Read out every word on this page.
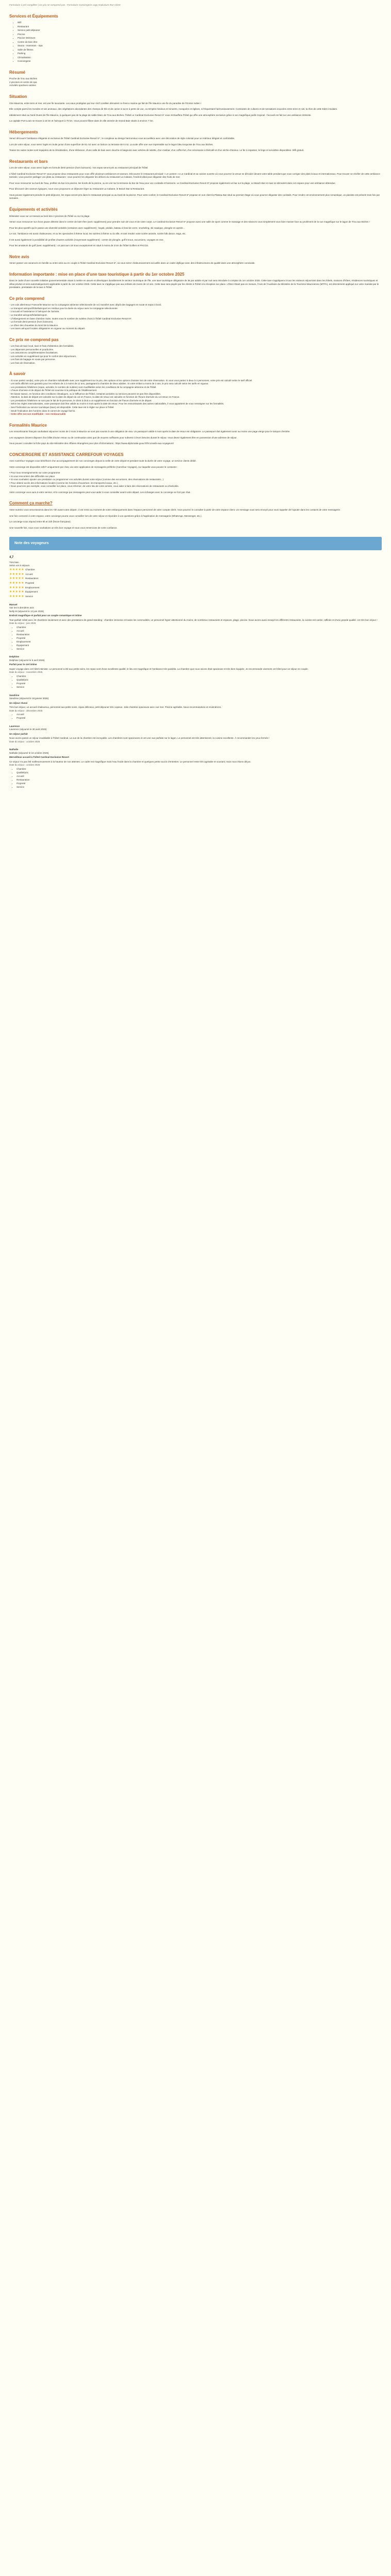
Formulaire à pré-compléter | Ce prix ne comprend pas : Formulaire Conciergerie Logo Impluvium Run Client
Services et Équipements
• Wifi
• Restaurant
• Service petit déjeuner
• Piscine
• Piscine intérieure
• Centre de bien être
• Sauna - Hammam - Spa
• Salle de fitness
• Parking
• Climatisation
• Conciergerie
Résumé
Proche de Trou aux Biches
2 piscines et centre de spa
Activités sportives variées
Situation

Cite Mauricia, entre terre et mer, est une île luxuriante. Les eaux protégées par leur récif corallien déroulent ce fresco marine qui fait de l'île Maurice une île du paradise de l'Océan Indien !

Elle compte parmi les mondes et ses animaux, des végétations abondantes des champs de thé et de canne à sucre à perte de vue, ou temples hindous et minarets, mosquées et églises, si fréquentant harmonieusement. Contrastes de cultures et de sensations inoucées entre terre et ciel, la rêve de cette Eden insulaire.

Idéalement situé au Nord-Ouest de l'île Maurice, à quelques pas de la plage de sable blanc de Trou-aux-Biches, l'hôtel Le Cardinal Exclusive Resort 5* vous réchauffera l'hôtel qui offre une atmosphère exclusive grâce à son magnifique jardin tropical - l'accueil est fait sur une ambiance intimiste.

La capitale Port-Louis se trouve à 15 km et l'aéroport à 70 km. Vous pouvez flâner dans le ville animée de Grand Baie située à environ 7 km.

Hébergements

Venez découvrir l'ambiance élégante et exclusive de l'hôtel Cardinal Exclusive Resort 5* ; le complexe au design harmonieux vous accueillera avec une décoration de style colonial pour un intérieur élégant et confortable.

Lors de votre séjour, vous serez logés en Suite junior d'une superficie de 51 m2 avec un balcon ou terrasse de 6 m2. La suite offre une vue imprenable sur le lagon bleu turquoise de Trou aux Biches.

Toutes les suites toutes sont équipées de la climatisation, d'une télévision, d'une salle de bain avec douche et baignoire avec articles de toilette, d'un minibar, d'un coffre-fort, d'un nécessaire à thé/café et d'un sèche-cheveux. Le fer à repasser, le linge et serviettes disponibles. Wifi gratuit.

Restaurants et bars

Lors de votre séjour, vous serez logés en formule demi-pension (hors boissons). Vos repas seront pris au restaurant principal de l'hôtel.

L'hôtel Cardinal Exclusive Resort 5* vous propose deux restaurants pour vous offrir plusieurs ambiances et saveurs. Découvrez le restaurant principal « Le Lantern »o Le Cardinal et sa cuisine ouverte où vous pourrez la venue se dérouler devant votre table pendant que vous corrigez des plats locaux et internationaux. Pour trouver se révéler de cette ambiance tamisée, vous pourrez partager vos plats au restaurant ; vous pourrez les déguster les délices du restaurant La Cabane, l'endroit idéal pour déguster des fruits de mer.

Pour vous ressourcer au bord de l'eau, profitez du bar à la piscine, les bords de la piscine, ou en voir sur la terrasse du bar de l'eau pour vos cocktails et boissons. Le Cardinal Exclusive Resort 5* propose également un bar sur la plage, Le Beach Bar et mais se déroulent dans cet espace pour une ambiance détendue.

Pour découvrir des saveurs typiques, nous vous proposons un déjeuner léger au restaurant La Cabane, le Beach Bar & Restaurant.

Vous pouvez également prendre le petit-déjeuner, les repas seront pris dans le restaurant principal ou au bord de la piscine. Pour votre confort, le Cardinal Exclusive Resort 5* propose en son client la Plateau Bar situé au premier étage où vous pourrez déguster des cocktails. Pour rendre cet environnement plus romantique, un pianiste est présent trois fois par semaine.

Équipements et activités

Détendez-vous sur un transat au bord des 2 piscines de l'hôtel ou sur la plage.

Venez vous ressourcer sur d'une pause détente dans le centre de bien-être (avec supplément) pour prendre soin de vous et de votre corps. Le Cardinal Exclusive Resort 5* propose aussi une salle de sport comme le massage et des séances vous simplement vous faire masser face au prolément de la vue magnifique sur le lagon de Trou aux Biches !

Pour les plus sportifs qui le passe une diversité activités (certaines avec supplément) : kayak, pédalo, bateau à fond de verre, snorkeling, ski nautique, plongée en apnée...

Le soir, l'ambiance est aussi chaleureuse, et ou les spectacles à thème local, les soirées à thème ou la ville, et tant rendez votre soirée animée, soirée folk dance, sega, etc.

Il est aussi également à possibilité de profiter d'autres activités (moyennant supplément) : centre de plongée, golf 8 trous, excursions, voyages en mer.

Pour les amateurs de golf (avec supplément) : un parcours 18 trous exceptionnel en situé à moins de 3 km de l'hôtel Golfers et PACGS.

Notre avis

Venez passer vos vacances en famille ou entre amis au en couple à l'hôtel Cardinal Exclusive Resort 5*, où vous serez chaleureusement accueillis dans un cadre idyllique avec des infrastructures de qualité dans une atmosphère conviviale.

Information importante : mise en place d'une taxe touristique à partir du 1er octobre 2025

Dans le cadre d'une nouvelle initiative gouvernementale visant à mettre en œuvre et développer durablement le secteur touristique de l'île, une taxe touristique obligatoire de 3€ par adulte et par nuit sera introduite à compter du 1er octobre 2025. Cette taxe s'appliquera à tous les visiteurs séjournant dans les hôtels, maisons d'hôtes, résidences touristiques et villas privées et sera automatiquement applicable à partir du 1er octobre 2025. Cette taxe ne s'applique pas aux enfants de moins de 12 ans. Cette taxe sera payée par les clients à l'hôtel à la réception sur place. L'État n'étant pas en mesure, l'Avis de l'Auxiliaire du Ministère de la Tourisme Mauricienne (MTPA), est directement appliqué sur votre mandat par le prestataire, prestataire de la taxe à l'hôtel.

Ce prix comprend
- Les vols aller/retour France/Ile Maurice sur la compagnie aérienne sélectionnée de vol, transfert avec dépôt des bagages en soute et repas à bord.
- Le transport aéroport/hôtel/aéroport en minibus pour la durée du séjour avec la compagnie sélectionnée.
- L'accueil et l'assistance à l'aéroport de l'arrivée.
- Le transfert aéroport/hôtel/aéroport.
- L'hébergement en base chambre Suite, toutes vous le nombre de nuitées choisi à l'hôtel Cardinal Exclusive Resort 5*.
- La formule demi-pension (hors boissons).
- Le dîner des chouettes du Nord de la Maurice.
- Les taxes aéroport locales obligatoires en vigueur au moment du départ.
Ce prix ne comprend pas
- Les frais de taxe local, taxe et frais d'obtention des formalités.
- Les dépenses personnelles et pourboires.
- Les assurances complémentaires facultatives.
- Les activités en supplément qui pour le confort des séjourneurs.
- Les frais de bagage en soute par personne.
- Les frais de réservation.
À savoir
- Si vous partez seul(e), votre prix en chambre individuelle avec une supplément sur le prix, des options et les options choisies lors de votre réservation. Si vous vous partez à deux à 4 personnes, votre pris est calculé selon le tarif officiel.
- Les tarifs affichés sont garantis pour les enfants de 2 à moins de 12 ans, partageant la chambre de deux adultes. Si votre enfant a moins de 2 ans, le prix sera calculé selon les tarifs en vigueur.
- Les prestations hôtelières (repas, activités, le nombre de nuitées) sont modifiables selon les conditions de la compagnie aérienne et de l'hôtel.
- L'heure d'arrivée et de départ de l'hôtel est soumise à la politique de l'établissement.
- En basse saison, en fonction des conditions climatiques, ou à l'affluence de l'hôtel, certaines activités ou services peuvent ne pas être disponibles.
- Attention, la date de départ est calculée sur la date de départ du vol en France, la date de retour est calculée en fonction de l'heure d'arrivée du vol retour en France.
- Les prestations hôtelières ne sont pas le fait de la personne, le client à droit a un supplément en fonction de l'heure d'arrivée et de départ.
- Selon les règles internationales, votre passeport doit être valide au moins 6 mois après la date de retour. Pour les ressortissants des autres nationalités, il vous appartient de vous renseigner sur les formalités.
- Seul l'indication au service touristique (taxe) est disponible. Cette taxe est à régler sur place à l'hôtel.
- Seule l'indication des horaires dans le carnet de voyage fait foi.

- Cette offre est non modifiable - non remboursable

Formalités Maurice

Les ressortissants français souhaitant séjourner moins de 3 mois à Maurice ne sont pas soumis à une obligation de visa. Un passeport valide 6 mois après la date de retour est obligatoire. Le passeport doit également avoir au moins une page vierge pour le tampon d'entrée.

Les voyageurs doivent disposer d'un billet d'avion retour ou de continuation ainsi que de moyens suffisants pour subvenir à leurs besoins durant le séjour. Vous devez également être en possession d'une adresse de séjour.

Vous pouvez consulter la fiche pays du site Ministère des Affaires étrangères pour plus d'informations : https://www.diplomatie.gouv.fr/fr/conseils-aux-voyageurs/

CONCIERGERIE ET ASSISTANCE CARREFOUR VOYAGES

Avec Carrefour Voyages vous bénéficiez d'un accompagnement de nos concierges depuis la veille de votre départ et pendant toute la durée de votre voyage, un service clients dédié.

Votre concierge est disponible 24h/7 uniquement par chat, via votre application de messagerie préférée (Carrefour Voyages), sur laquelle vous pouvez le contacter :

• Pour tous renseignements sur votre programme
• Si vous rencontrez des difficultés sur place
• Si vous souhaitez ajouter une prestation ou programmer vos activités durant votre séjour (comme des excursions, des réservations de restaurants...)
• Pour obtenir accès des informations locales (comme les horaires d'ouverture, les transports locaux, etc.)

• Nous pourrons par exemple, vous conseiller sur place, vous informer, de votre lieu de votre arrivée, vous aider à faire des réservations de restaurants ou d'activités.

Votre concierge vous aura à votre service, et le concierge par messagerie peut vous aider à vous conseiller avant votre départ. Les échanges avec le concierge se font par chat.

Comment ça marche?

Votre numéro vous sera transmis dans les 72h avant votre départ ; il est remis au moment de votre embarquement dans l'espace personnel de votre compte client. Vous pourrez le consulter à partir de votre espace client. Un message vous sera envoyé pour vous rappeler de l'ajouter dans les contacts de votre messagerie.

Une fois connecté à votre espace, votre concierge pourra vous conseiller lors de votre séjour et répondre à vos questions grâce à l'application de messagerie (WhatsApp, Messenger, etc.).

Le concierge vous répond entre 8h et 22h (heure française).

Une nouvelle fois, nous vous souhaitons un très bon voyage et nous vous remercions de votre confiance.

Note des voyageurs
4,7
Très bien
Selon vos 5 séjours
★★★★★ Chambre
★★★★★ Accueil
★★★★★ Restauration
★★★★★ Propreté
★★★★★ Emplacement
★★★★★ Équipement
★★★★★ Service
Manuel
Voir les 5 dernières avis
Nelly M (séjourné le 12 juin 2026)
Endroit magnifique et parfait pour un couple romantique et intime
Tout parfait! Hôtel avec 33 chambres seulement et avec des prestations de grand standing : chambre immense et toutes les commodités, un personnel hyper attentionné du moins, de nombreux restaurants et espaces, plage, piscine. Nous avons aussi essayé les différents restaurants, la cuisine est variée, raffinée et d'une grande qualité. Un très bon séjour !
Date du séjour : juin 2026
• Chambre
• Accueil
• Restauration
• Propreté
• Emplacement
• Équipement
• Service
Delphine
Delphine (séjourné le 5 avril 2026)
Parfait pour le ciel intime
Super voyage dans cet hôtel intimiste. Le personnel a été aux petits soins, les repas sont d'une excellente qualité, le lieu est magnifique et l'ambiance très paisible. La chambre que nous avions était spacieuse et très bien équipée. Je recommande vivement cet hôtel pour un séjour en couple.
Date du séjour : novembre 2025
• Chambre
• Qualité/prix
• Propreté
• Service
Sandrine
Sandrine (séjourné le 18 janvier 2026)
Un séjour réussi
Très bon séjour, un accueil chaleureux, personnel aux petits soins, repas délicieux, petit déjeuner très copieux. Jolie chambre spacieuse avec vue mer. Piscine agréable. Nous recommandons et reviendrons.
Date du séjour : décembre 2025
• Accueil
• Propreté
Laurence
Laurence (séjourné le 30 août 2025)
Un séjour parfait
Nous avons passé un séjour inoubliable à l'hôtel Cardinal. La vue de la chambre est incroyable. Les chambres sont spacieuses et ont une vue parfaite sur le lagon. Le personnel est très attentionné, la cuisine excellente. À recommander les yeux fermés !
Date du séjour : octobre 2025
Nathalie
Nathalie (séjourné le 16 octobre 2025)
Merveilleux accueil à l'hôtel Cardinal Exclusive Resort
Ce séjour n'a pas été malheureusement à la hauteur de nos attentes. Le cadre est magnifique mais l'eau froide dans la chambre et quelques petits soucis d'entretien. Le personnel reste très agréable et souriant, mais nous étions déçus.
Date du séjour : octobre 2025
• Chambre
• Qualité/prix
• Accueil
• Restauration
• Propreté
• Service
